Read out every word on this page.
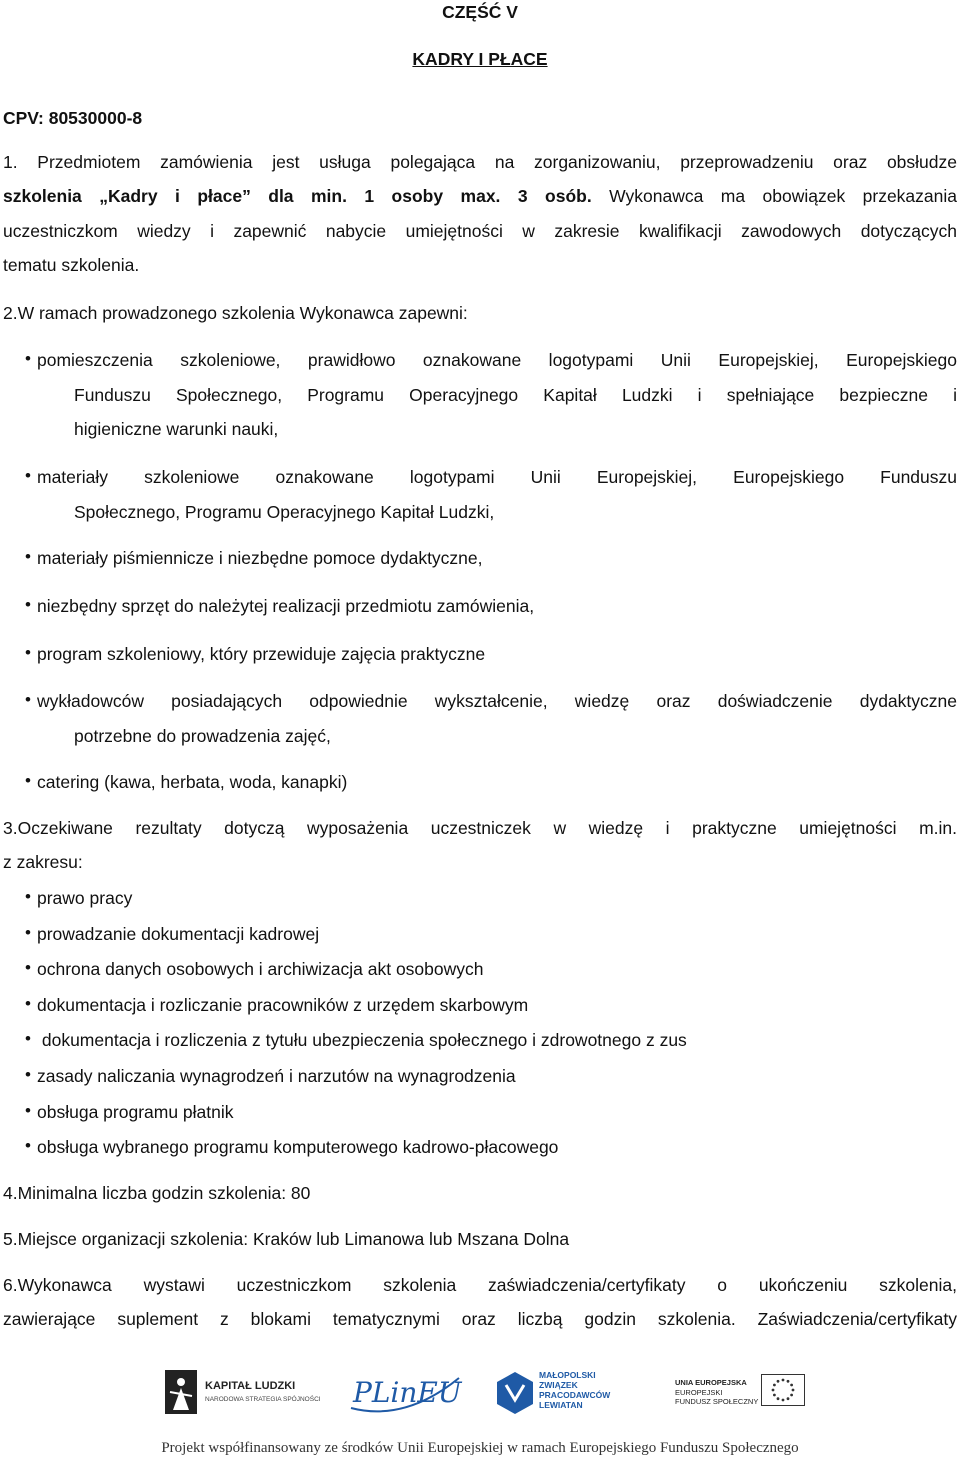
CZĘŚĆ V
KADRY I PŁACE
CPV: 80530000-8
1. Przedmiotem zamówienia jest usługa polegająca na zorganizowaniu, przeprowadzeniu oraz obsłudze
szkolenia „Kadry i płace” dla min. 1 osoby max. 3 osób. Wykonawca ma obowiązek przekazania
uczestniczkom wiedzy i zapewnić nabycie umiejętności w zakresie kwalifikacji zawodowych dotyczących
tematu szkolenia.
2.W ramach prowadzonego szkolenia Wykonawca zapewni:
• pomieszczenia szkoleniowe, prawidłowo oznakowane logotypami Unii Europejskiej, Europejskiego
Funduszu Społecznego, Programu Operacyjnego Kapitał Ludzki i spełniające bezpieczne i
higieniczne warunki nauki,
• materiały szkoleniowe oznakowane logotypami Unii Europejskiej, Europejskiego Funduszu
Społecznego, Programu Operacyjnego Kapitał Ludzki,
• materiały piśmiennicze i niezbędne pomoce dydaktyczne,
• niezbędny sprzęt do należytej realizacji przedmiotu zamówienia,
• program szkoleniowy, który przewiduje zajęcia praktyczne
• wykładowców posiadających odpowiednie wykształcenie, wiedzę oraz doświadczenie dydaktyczne
potrzebne do prowadzenia zajęć,
• catering (kawa, herbata, woda, kanapki)
3.Oczekiwane rezultaty dotyczą wyposażenia uczestniczek w wiedzę i praktyczne umiejętności m.in.
z zakresu:
• prawo pracy
• prowadzanie dokumentacji kadrowej
• ochrona danych osobowych i archiwizacja akt osobowych
• dokumentacja i rozliczanie pracowników z urzędem skarbowym
•  dokumentacja i rozliczenia z tytułu ubezpieczenia społecznego i zdrowotnego z zus
• zasady naliczania wynagrodzeń i narzutów na wynagrodzenia
• obsługa programu płatnik
• obsługa wybranego programu komputerowego kadrowo-płacowego
4.Minimalna liczba godzin szkolenia: 80
5.Miejsce organizacji szkolenia: Kraków lub Limanowa lub Mszana Dolna
6.Wykonawca wystawi uczestniczkom szkolenia zaświadczenia/certyfikaty o ukończeniu szkolenia,
zawierające suplement z blokami tematycznymi oraz liczbą godzin szkolenia. Zaświadczenia/certyfikaty
KAPITAŁ LUDZKI
NARODOWA STRATEGIA SPÓJNOŚCI PLinEU
MAŁOPOLSKI
ZWIĄZEK
PRACODAWCÓW
LEWIATAN
UNIA EUROPEJSKA
EUROPEJSKI
FUNDUSZ SPOŁECZNY
Projekt współfinansowany ze środków Unii Europejskiej w ramach Europejskiego Funduszu Społecznego
